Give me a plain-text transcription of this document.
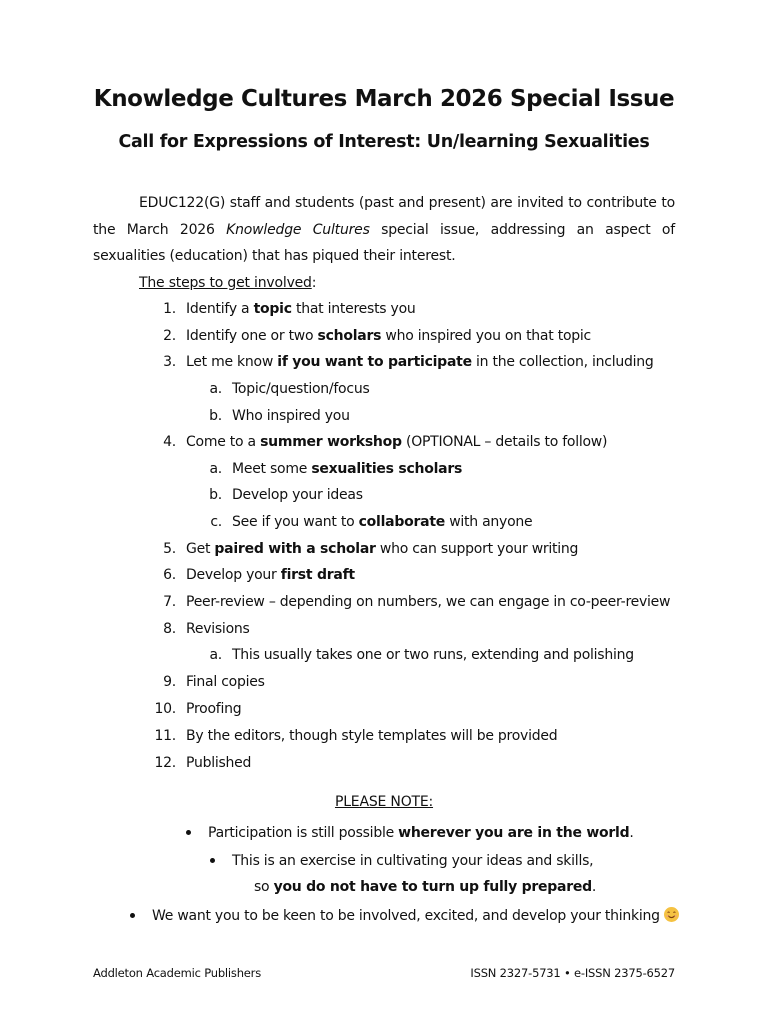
Knowledge Cultures March 2026 Special Issue
Call for Expressions of Interest: Un/learning Sexualities

EDUC122(G) staff and students (past and present) are invited to contribute to the March 2026 Knowledge Cultures special issue, addressing an aspect of sexualities (education) that has piqued their interest.

The steps to get involved:
1. Identify a topic that interests you
2. Identify one or two scholars who inspired you on that topic
3. Let me know if you want to participate in the collection, including
a. Topic/question/focus
b. Who inspired you
4. Come to a summer workshop (OPTIONAL – details to follow)
a. Meet some sexualities scholars
b. Develop your ideas
c. See if you want to collaborate with anyone
5. Get paired with a scholar who can support your writing
6. Develop your first draft
7. Peer-review – depending on numbers, we can engage in co-peer-review
8. Revisions
a. This usually takes one or two runs, extending and polishing
9. Final copies
10. Proofing
11. By the editors, though style templates will be provided
12. Published
PLEASE NOTE:
Participation is still possible wherever you are in the world.
This is an exercise in cultivating your ideas and skills,
so you do not have to turn up fully prepared.
We want you to be keen to be involved, excited, and develop your thinking
Addleton Academic Publishers	ISSN 2327-5731 • e-ISSN 2375-6527
